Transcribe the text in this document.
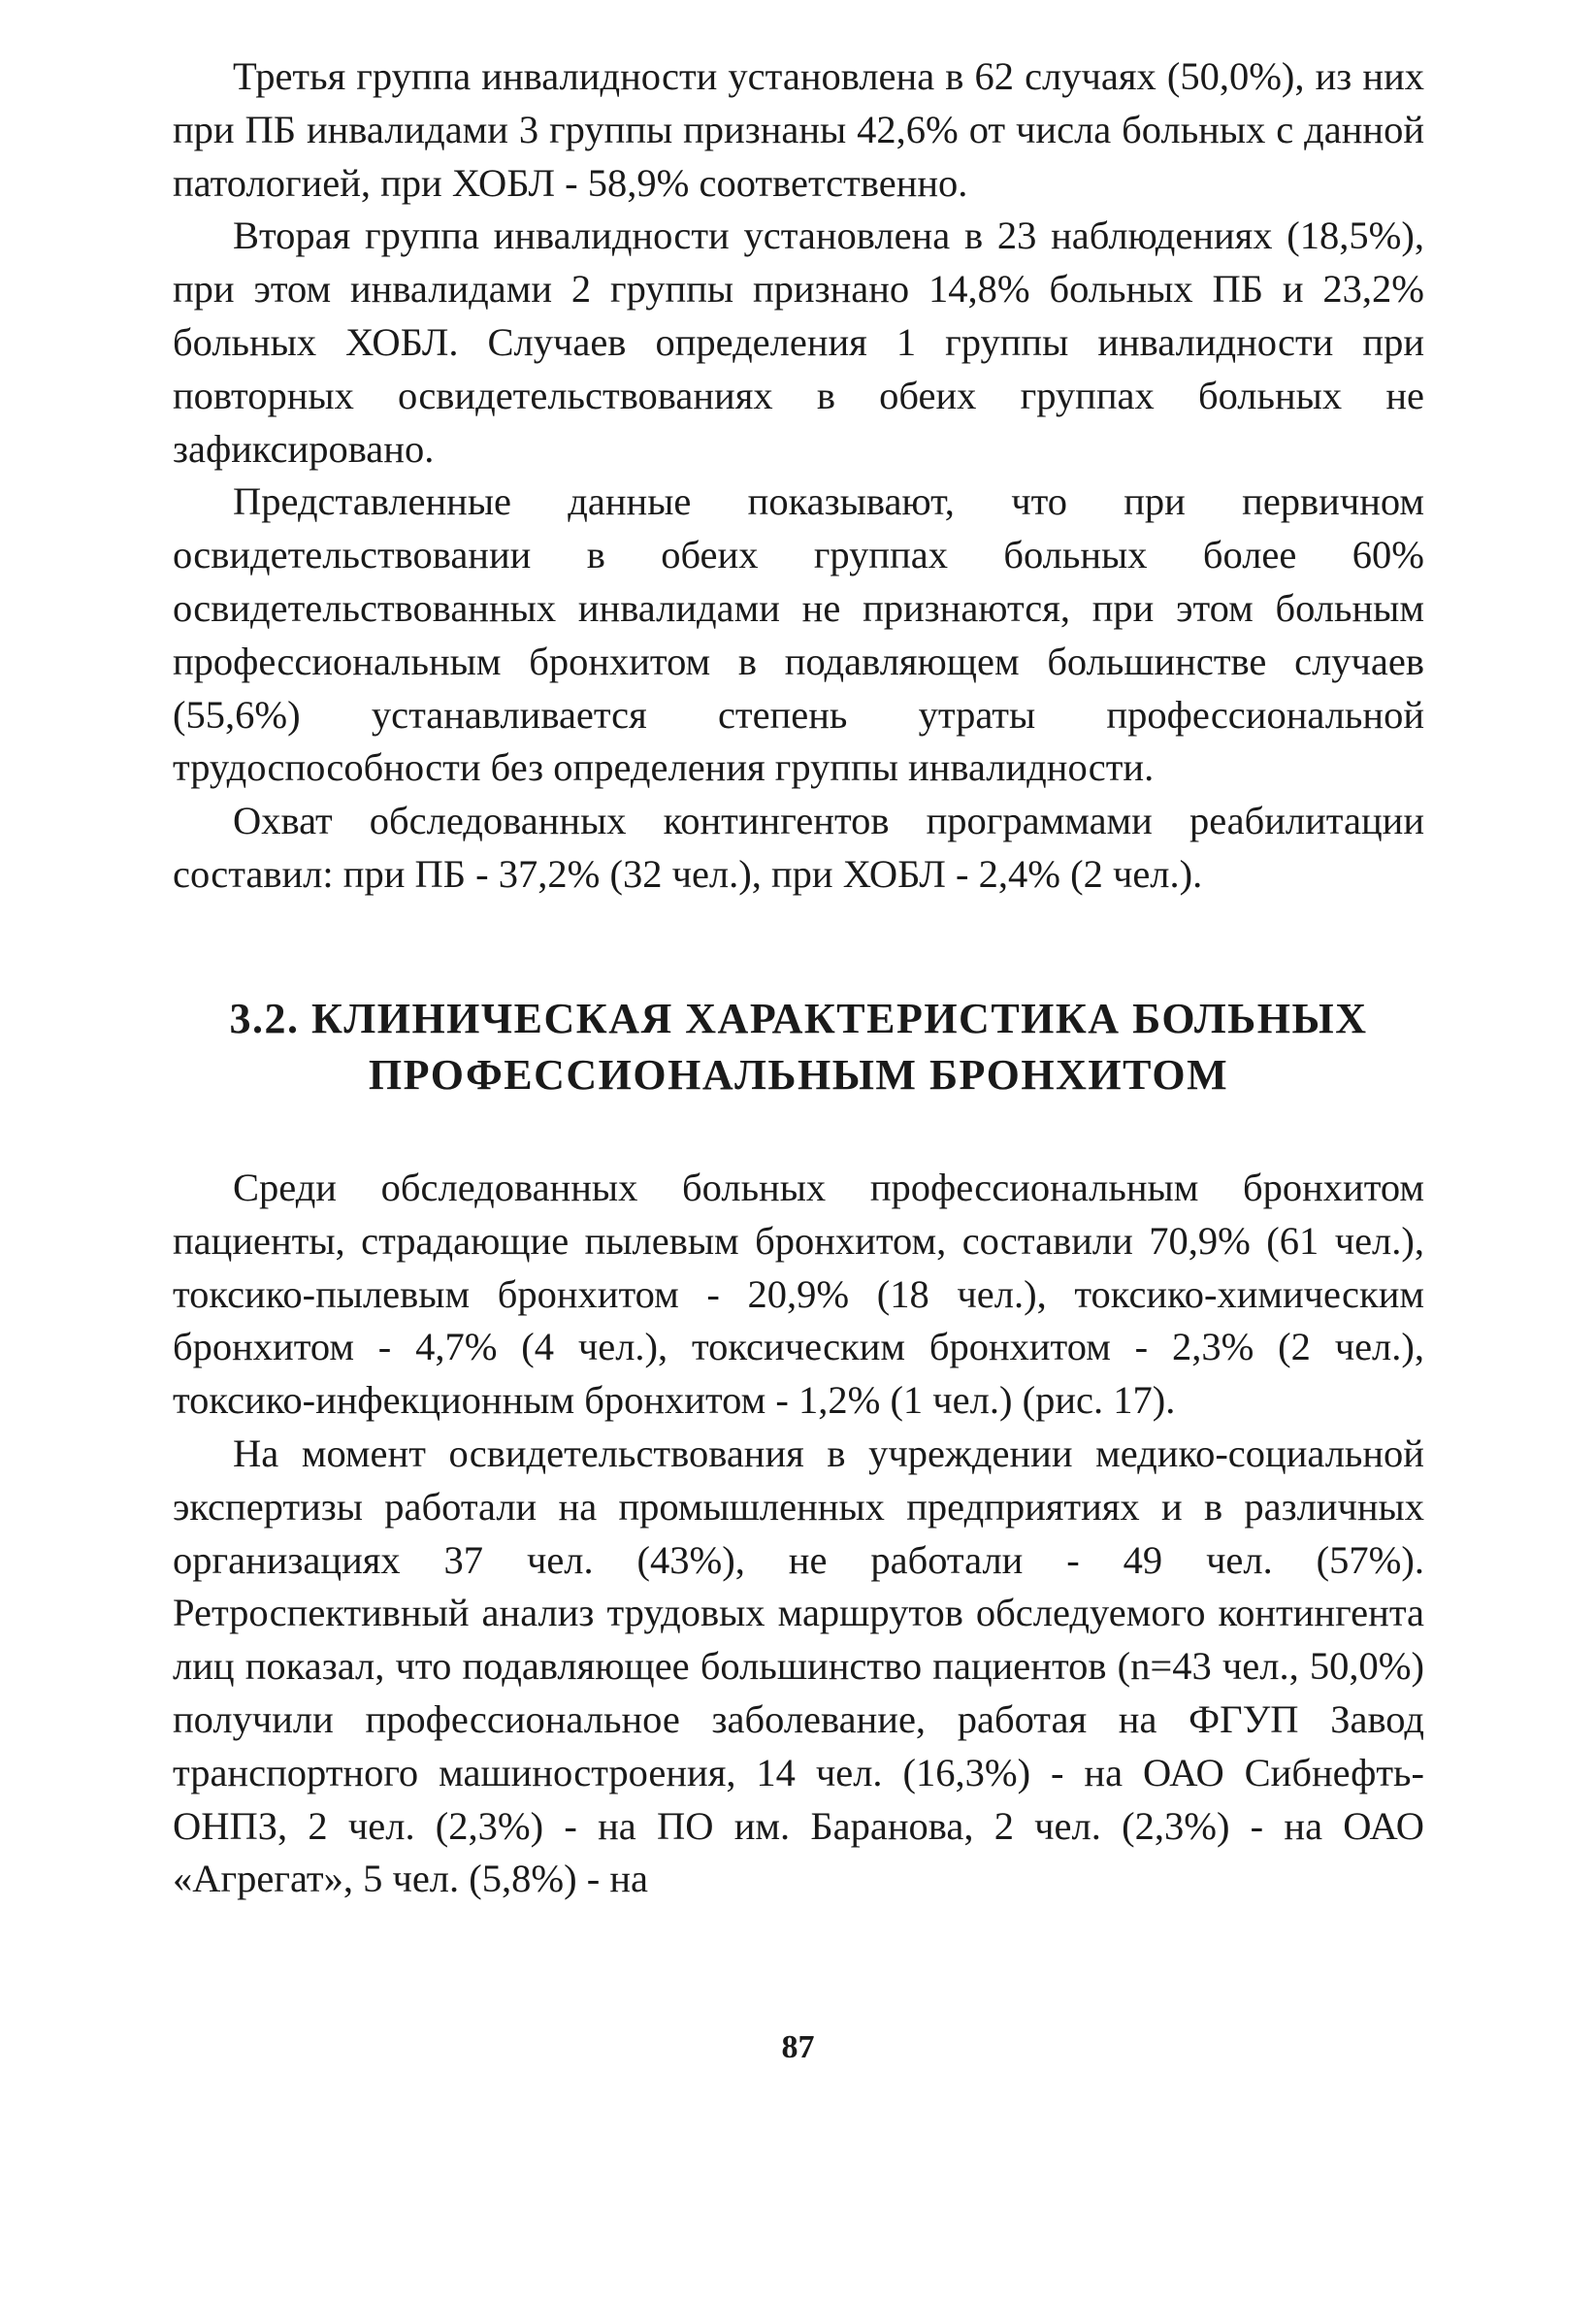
Третья группа инвалидности установлена в 62 случаях (50,0%), из них при ПБ инвалидами 3 группы признаны 42,6% от числа больных с данной патологией, при ХОБЛ - 58,9% соответственно.

Вторая группа инвалидности установлена в 23 наблюдениях (18,5%), при этом инвалидами 2 группы признано 14,8% больных ПБ и 23,2% больных ХОБЛ. Случаев определения 1 группы инвалидности при повторных освидетельствованиях в обеих группах больных не зафиксировано.

Представленные данные показывают, что при первичном освидетельствовании в обеих группах больных более 60% освидетельствованных инвалидами не признаются, при этом больным профессиональным бронхитом в подавляющем большинстве случаев (55,6%) устанавливается степень утраты профессиональной трудоспособности без определения группы инвалидности.

Охват обследованных контингентов программами реабилитации составил: при ПБ - 37,2% (32 чел.), при ХОБЛ - 2,4% (2 чел.).

3.2. КЛИНИЧЕСКАЯ ХАРАКТЕРИСТИКА БОЛЬНЫХ
ПРОФЕССИОНАЛЬНЫМ БРОНХИТОМ

Среди обследованных больных профессиональным бронхитом пациенты, страдающие пылевым бронхитом, составили 70,9% (61 чел.), токсико-пылевым бронхитом - 20,9% (18 чел.), токсико-химическим бронхитом - 4,7% (4 чел.), токсическим бронхитом - 2,3% (2 чел.), токсико-инфекционным бронхитом - 1,2% (1 чел.) (рис. 17).

На момент освидетельствования в учреждении медико-социальной экспертизы работали на промышленных предприятиях и в различных организациях 37 чел. (43%), не работали - 49 чел. (57%). Ретроспективный анализ трудовых маршрутов обследуемого контингента лиц показал, что подавляющее большинство пациентов (n=43 чел., 50,0%) получили профессиональное заболевание, работая на ФГУП Завод транспортного машиностроения, 14 чел. (16,3%) - на ОАО Сибнефть-ОНПЗ, 2 чел. (2,3%) - на ПО им. Баранова, 2 чел. (2,3%) - на ОАО «Агрегат», 5 чел. (5,8%) - на

87
